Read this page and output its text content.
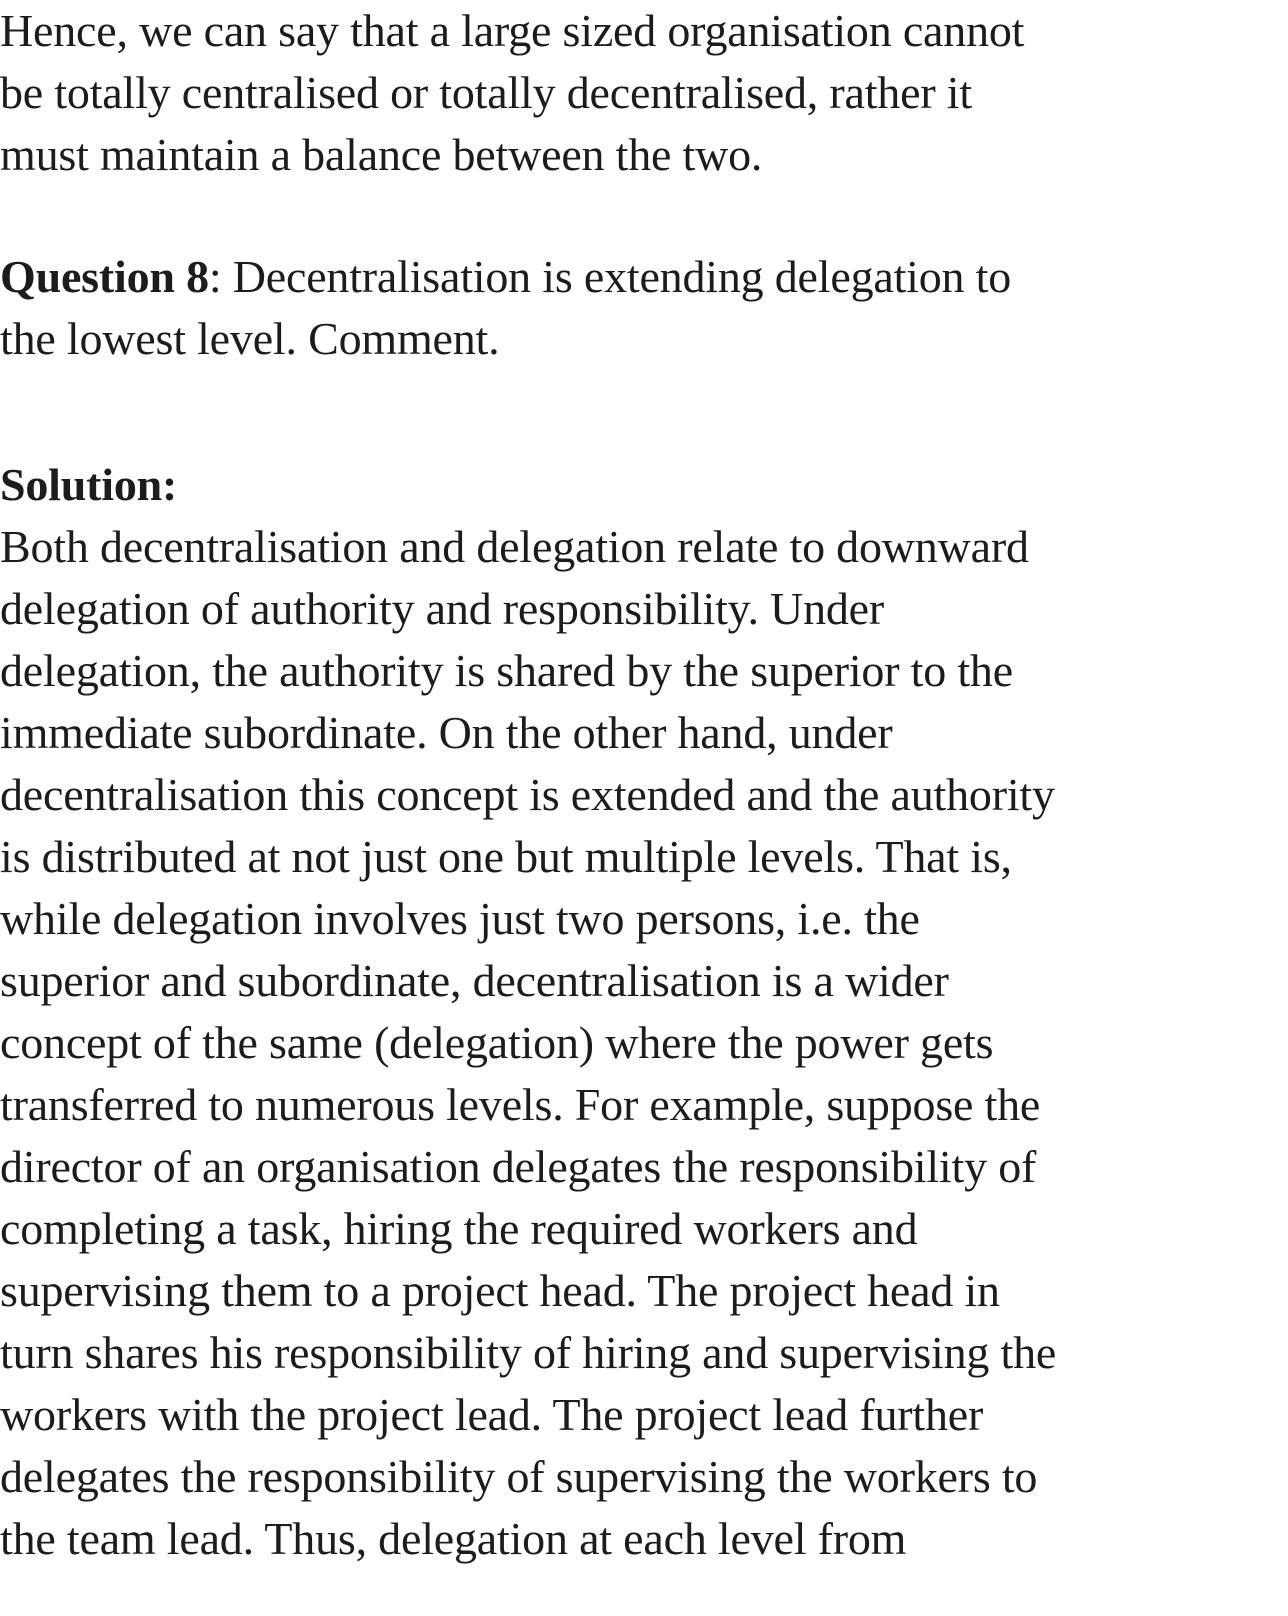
Hence, we can say that a large sized organisation cannot
be totally centralised or totally decentralised, rather it
must maintain a balance between the two.
Question 8: Decentralisation is extending delegation to
the lowest level. Comment.
Solution:
Both decentralisation and delegation relate to downward
delegation of authority and responsibility. Under
delegation, the authority is shared by the superior to the
immediate subordinate. On the other hand, under
decentralisation this concept is extended and the authority
is distributed at not just one but multiple levels. That is,
while delegation involves just two persons, i.e. the
superior and subordinate, decentralisation is a wider
concept of the same (delegation) where the power gets
transferred to numerous levels. For example, suppose the
director of an organisation delegates the responsibility of
completing a task, hiring the required workers and
supervising them to a project head. The project head in
turn shares his responsibility of hiring and supervising the
workers with the project lead. The project lead further
delegates the responsibility of supervising the workers to
the team lead. Thus, delegation at each level from
